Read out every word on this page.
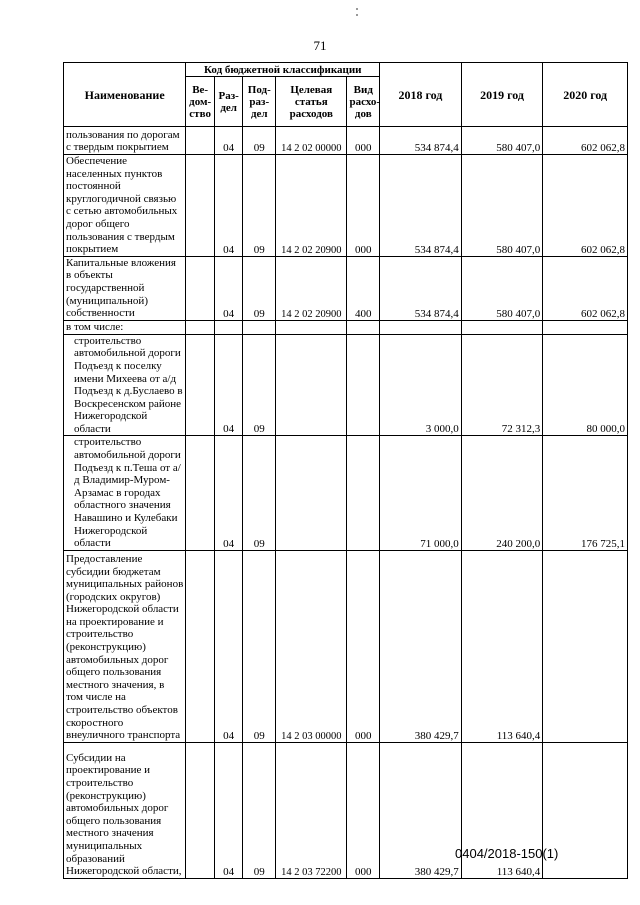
71
Наименование	Код бюджетной классификации					2018 год	2019 год	2020 год
	Ве-дом-ство	Раз-дел	Под-раз-дел	Целевая статья расходов	Вид расхо-дов			
пользования по дорогам с твердым покрытием		04	09	14 2 02 00000	000	534 874,4	580 407,0	602 062,8
Обеспечение населенных пунктов постоянной круглогодичной связью с сетью автомобильных дорог общего пользования с твердым покрытием		04	09	14 2 02 20900	000	534 874,4	580 407,0	602 062,8
Капитальные вложения в объекты государственной (муниципальной) собственности		04	09	14 2 02 20900	400	534 874,4	580 407,0	602 062,8
в том числе:								
строительство автомобильной дороги Подъезд к поселку имени Михеева от а/д Подъезд к д.Буслаево в Воскресенском районе Нижегородской области		04	09			3 000,0	72 312,3	80 000,0
строительство автомобильной дороги Подъезд к п.Теша от а/д Владимир-Муром-Арзамас в городах областного значения Навашино и Кулебаки Нижегородской области		04	09			71 000,0	240 200,0	176 725,1
Предоставление субсидии бюджетам муниципальных районов (городских округов) Нижегородской области на проектирование и строительство (реконструкцию) автомобильных дорог общего пользования местного значения, в том числе на строительство объектов скоростного внеуличного транспорта		04	09	14 2 03 00000	000	380 429,7	113 640,4	
Субсидии на проектирование и строительство (реконструкцию) автомобильных дорог общего пользования местного значения муниципальных образований Нижегородской области,		04	09	14 2 03 72200	000	380 429,7	113 640,4	
0404/2018-150(1)
